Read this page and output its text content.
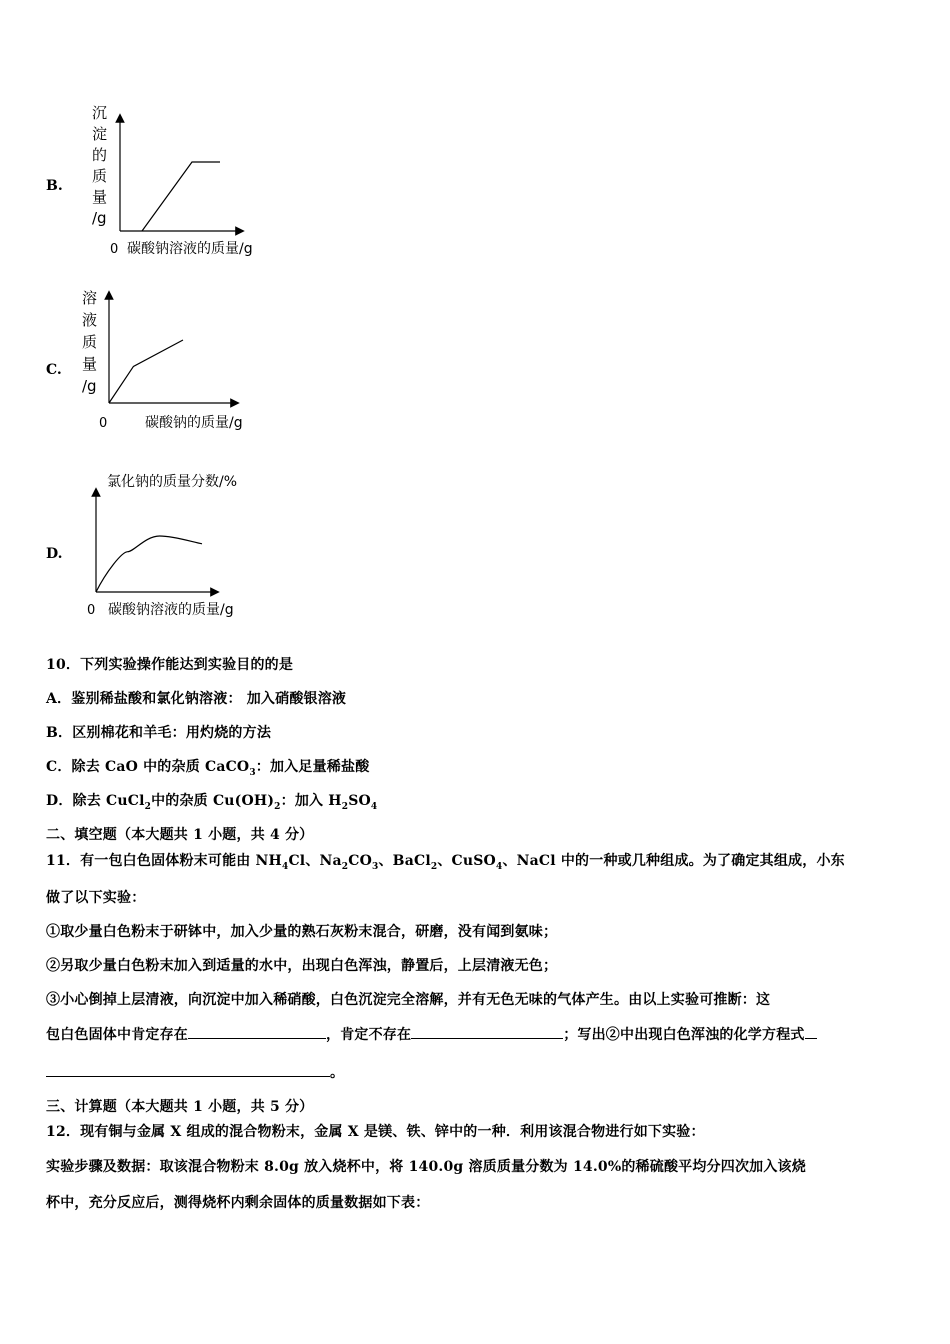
B.
沉
淀
的
质
量
/g
0 碳酸钠溶液的质量/g
C.
溶
液
质
量
/g
0	碳酸钠的质量/g
D.
氯化钠的质量分数/%
0 碳酸钠溶液的质量/g
10．下列实验操作能达到实验目的的是
A．鉴别稀盐酸和氯化钠溶液： 加入硝酸银溶液
B．区别棉花和羊毛：用灼烧的方法
C．除去 CaO 中的杂质 CaCO$_3$：加入足量稀盐酸
D．除去 CuCl$_2$中的杂质 $Cu(OH)_2$：加入 $H_2SO_4$
二、填空题（本大题共 1 小题，共 4 分）
11．有一包白色固体粉末可能由 $NH_4Cl$、$Na_2CO_3$、BaCl$_2$、CuSO$_4$、NaCl 中的一种或几种组成。为了确定其组成，小东
做了以下实验：
①取少量白色粉末于研钵中，加入少量的熟石灰粉末混合，研磨，没有闻到氨味；
②另取少量白色粉末加入到适量的水中，出现白色浑浊，静置后，上层清液无色；
③小心倒掉上层清液，向沉淀中加入稀硝酸，白色沉淀完全溶解，并有无色无味的气体产生。由以上实验可推断：这
包白色固体中肯定存在	，肯定不存在	；写出②中出现白色浑浊的化学方程式
。
三、计算题（本大题共 1 小题，共 5 分）
12．现有铜与金属 X 组成的混合物粉末，金属 X 是镁、铁、锌中的一种．利用该混合物进行如下实验：
实验步骤及数据：取该混合物粉末 8.0g 放入烧杯中，将 140.0g 溶质质量分数为 14.0%的稀硫酸平均分四次加入该烧
杯中，充分反应后，测得烧杯内剩余固体的质量数据如下表：
